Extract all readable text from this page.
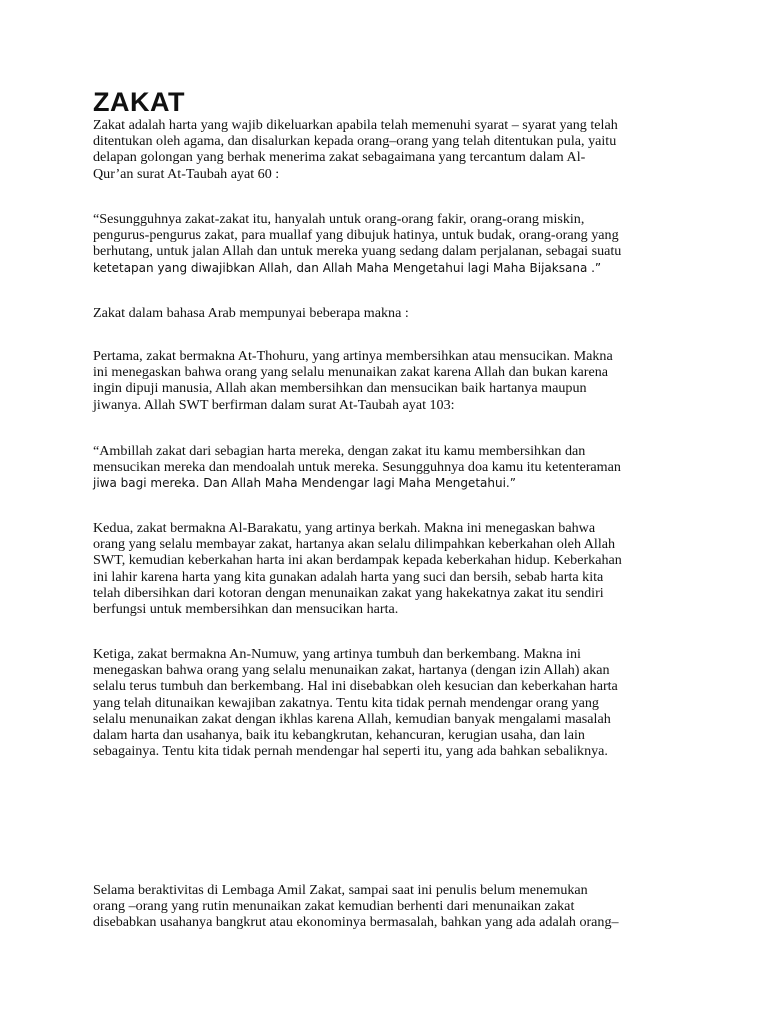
ZAKAT

Zakat adalah harta yang wajib dikeluarkan apabila telah memenuhi syarat – syarat yang telah
ditentukan oleh agama, dan disalurkan kepada orang–orang yang telah ditentukan pula, yaitu
delapan golongan yang berhak menerima zakat sebagaimana yang tercantum dalam Al-
Qur’an surat At-Taubah ayat 60 :

“Sesungguhnya zakat-zakat itu, hanyalah untuk orang-orang fakir, orang-orang miskin,
pengurus-pengurus zakat, para muallaf yang dibujuk hatinya, untuk budak, orang-orang yang
berhutang, untuk jalan Allah dan untuk mereka yuang sedang dalam perjalanan, sebagai suatu
ketetapan yang diwajibkan Allah, dan Allah Maha Mengetahui lagi Maha Bijaksana .”

Zakat dalam bahasa Arab mempunyai beberapa makna :

Pertama, zakat bermakna At-Thohuru, yang artinya membersihkan atau mensucikan. Makna
ini menegaskan bahwa orang yang selalu menunaikan zakat karena Allah dan bukan karena
ingin dipuji manusia, Allah akan membersihkan dan mensucikan baik hartanya maupun
jiwanya. Allah SWT berfirman dalam surat At-Taubah ayat 103:

“Ambillah zakat dari sebagian harta mereka, dengan zakat itu kamu membersihkan dan
mensucikan mereka dan mendoalah untuk mereka. Sesungguhnya doa kamu itu ketenteraman
jiwa bagi mereka. Dan Allah Maha Mendengar lagi Maha Mengetahui.”

Kedua, zakat bermakna Al-Barakatu, yang artinya berkah. Makna ini menegaskan bahwa
orang yang selalu membayar zakat, hartanya akan selalu dilimpahkan keberkahan oleh Allah
SWT, kemudian keberkahan harta ini akan berdampak kepada keberkahan hidup. Keberkahan
ini lahir karena harta yang kita gunakan adalah harta yang suci dan bersih, sebab harta kita
telah dibersihkan dari kotoran dengan menunaikan zakat yang hakekatnya zakat itu sendiri
berfungsi untuk membersihkan dan mensucikan harta.

Ketiga, zakat bermakna An-Numuw, yang artinya tumbuh dan berkembang. Makna ini
menegaskan bahwa orang yang selalu menunaikan zakat, hartanya (dengan izin Allah) akan
selalu terus tumbuh dan berkembang. Hal ini disebabkan oleh kesucian dan keberkahan harta
yang telah ditunaikan kewajiban zakatnya. Tentu kita tidak pernah mendengar orang yang
selalu menunaikan zakat dengan ikhlas karena Allah, kemudian banyak mengalami masalah
dalam harta dan usahanya, baik itu kebangkrutan, kehancuran, kerugian usaha, dan lain
sebagainya. Tentu kita tidak pernah mendengar hal seperti itu, yang ada bahkan sebaliknya.

Selama beraktivitas di Lembaga Amil Zakat, sampai saat ini penulis belum menemukan
orang –orang yang rutin menunaikan zakat kemudian berhenti dari menunaikan zakat
disebabkan usahanya bangkrut atau ekonominya bermasalah, bahkan yang ada adalah orang–
